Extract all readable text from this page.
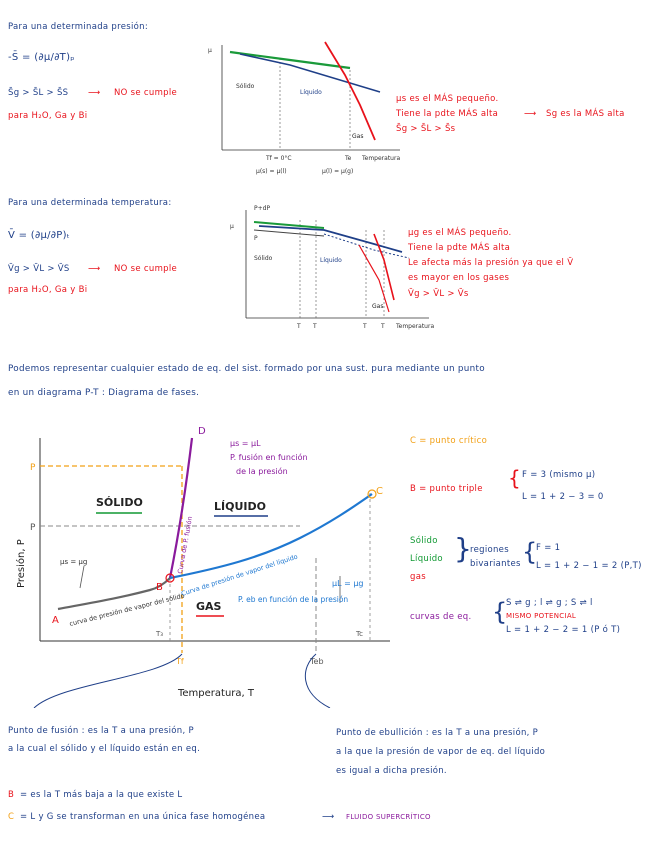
Para una determinada presión:
-S̄ = (∂μ/∂T)ₚ
S̄g > S̄L > S̄S ⟶ NO se cumple
para H₂O, Ga y Bi
μ
Sólido
Líquido
Gas
Tf = 0°C	Te Temperatura
μ(s) = μ(l)	μ(l) = μ(g)
μs es el MÁS pequeño.
Tiene la pdte MÁS alta	⟶ Sg es la MÁS alta
S̄g > S̄L > S̄s
Para una determinada temperatura:
V̄ = (∂μ/∂P)ₜ
V̄g > V̄L > V̄S ⟶ NO se cumple
para H₂O, Ga y Bi
P+dP
μ
P
Sólido	Líquido
Gas
T T	T T Temperatura
μg es el MÁS pequeño.
Tiene la pdte MÁS alta
Le afecta más la presión ya que el V̄
es mayor en los gases
V̄g > V̄L > V̄s
Podemos representar cualquier estado de eq. del sist. formado por una sust. pura mediante un punto
en un diagrama P-T : Diagrama de fases.
Presión, P
Temperatura, T
SÓLIDO	LÍQUIDO
GAS
P
P
A
B
C
D
μs = μg
curva de presión de vapor del sólido
Curva de P. fusión
Curva de presión de vapor del líquido
μs = μL
P. fusión en función
de la presión
μL = μg
P. eb en función de la presión
T₃	Tc
Tf	Teb
C = punto crítico
B = punto triple { F = 3 (mismo μ)
L = 1 + 2 − 3 = 0
Sólido
Líquido
gas
}
regiones
bivariantes {
F = 1
L = 1 + 2 − 1 = 2 (P,T)
curvas de eq. {
S ⇌ g ; l ⇌ g ; S ⇌ l
MISMO POTENCIAL
L = 1 + 2 − 2 = 1 (P ó T)
Punto de fusión : es la T a una presión, P
a la cual el sólido y el líquido están en eq.
Punto de ebullición : es la T a una presión, P
a la que la presión de vapor de eq. del líquido
es igual a dicha presión.
B = es la T más baja a la que existe L
C = L y G se transforman en una única fase homogénea	⟶ FLUIDO SUPERCRÍTICO
